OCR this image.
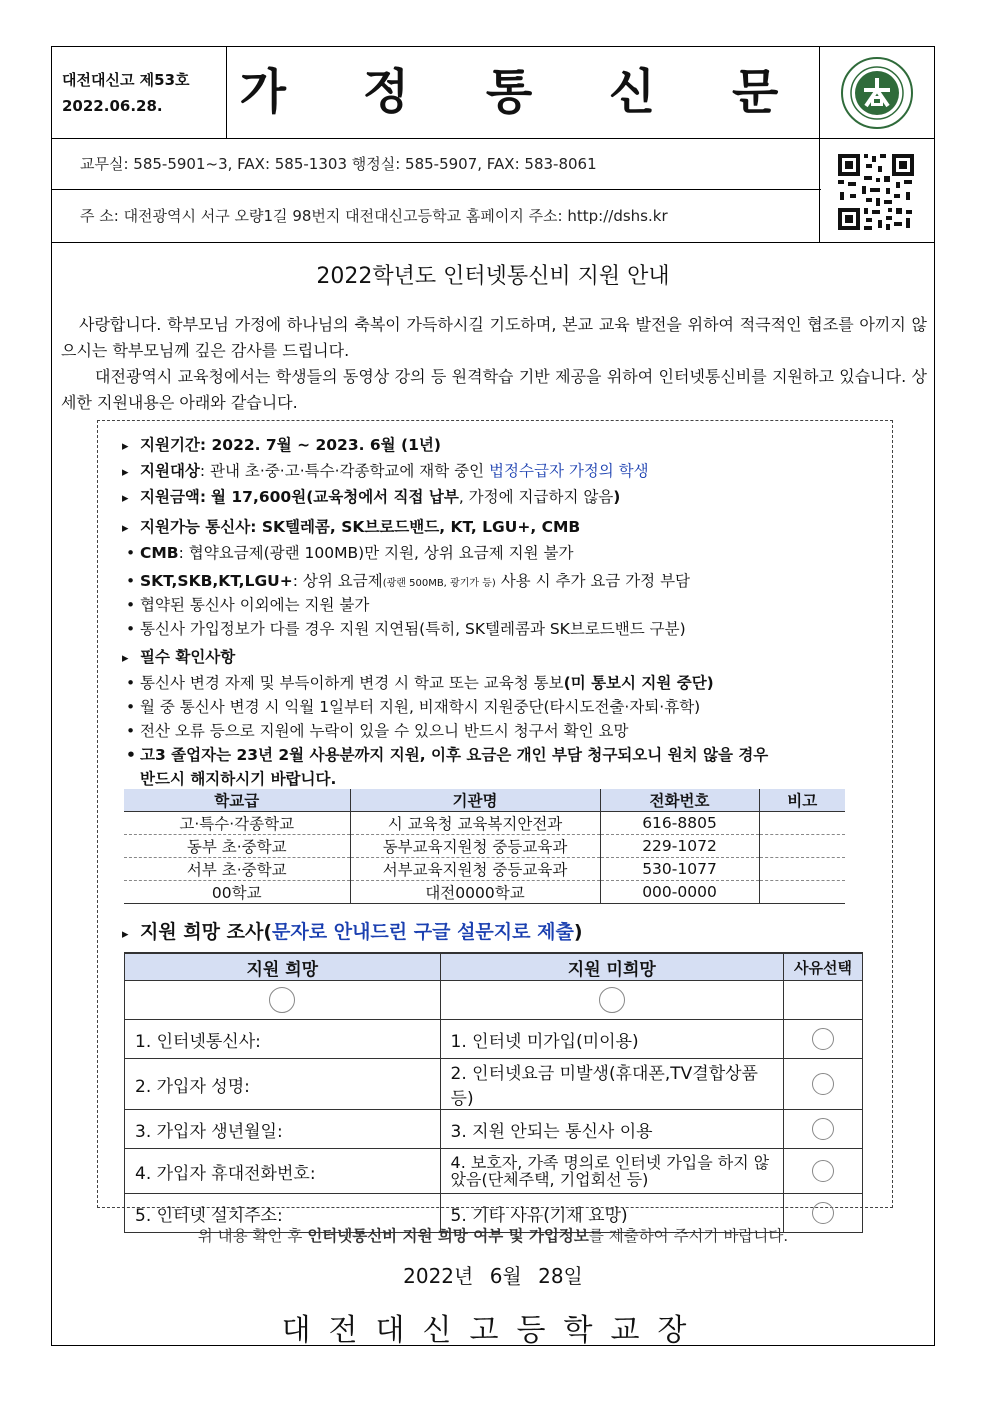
대전대신고 제53호
2022.06.28.	가 정 통 신 문
교무실: 585-5901~3, FAX: 585-1303 행정실: 585-5907, FAX: 583-8061
주 소: 대전광역시 서구 오량1길 98번지 대전대신고등학교 홈페이지 주소: http://dshs.kr
2022학년도 인터넷통신비 지원 안내
사랑합니다. 학부모님 가정에 하나님의 축복이 가득하시길 기도하며, 본교 교육 발전을 위하여 적극적인 협조를 아끼지 않으시는 학부모님께 깊은 감사를 드립니다.
대전광역시 교육청에서는 학생들의 동영상 강의 등 원격학습 기반 제공을 위하여 인터넷통신비를 지원하고 있습니다. 상세한 지원내용은 아래와 같습니다.
▸ 지원기간: 2022. 7월 ~ 2023. 6월 (1년)
▸ 지원대상: 관내 초·중·고·특수·각종학교에 재학 중인 법정수급자 가정의 학생
▸ 지원금액: 월 17,600원(교육청에서 직접 납부, 가정에 지급하지 않음)
▸ 지원가능 통신사: SK텔레콤, SK브로드밴드, KT, LGU+, CMB
• CMB: 협약요금제(광랜 100MB)만 지원, 상위 요금제 지원 불가
• SKT,SKB,KT,LGU+: 상위 요금제(광랜 500MB, 광기가 등) 사용 시 추가 요금 가정 부담
• 협약된 통신사 이외에는 지원 불가
• 통신사 가입정보가 다를 경우 지원 지연됨(특히, SK텔레콤과 SK브로드밴드 구분)
▸ 필수 확인사항
• 통신사 변경 자제 및 부득이하게 변경 시 학교 또는 교육청 통보(미 통보시 지원 중단)
• 월 중 통신사 변경 시 익월 1일부터 지원, 비재학시 지원중단(타시도전출·자퇴·휴학)
• 전산 오류 등으로 지원에 누락이 있을 수 있으니 반드시 청구서 확인 요망
• 고3 졸업자는 23년 2월 사용분까지 지원, 이후 요금은 개인 부담 청구되오니 원치 않을 경우
반드시 해지하시기 바랍니다.
학교급	기관명	전화번호	비고
고·특수·각종학교	시 교육청 교육복지안전과	616-8805	
동부 초·중학교	동부교육지원청 중등교육과	229-1072	
서부 초·중학교	서부교육지원청 중등교육과	530-1077	
00학교	대전0000학교	000-0000	
▸ 지원 희망 조사(문자로 안내드린 구글 설문지로 제출)
지원 희망	지원 미희망	사유선택

1. 인터넷통신사:	1. 인터넷 미가입(미이용)	
2. 가입자 성명:	2. 인터넷요금 미발생(휴대폰,TV결합상품 등)	
3. 가입자 생년월일:	3. 지원 안되는 통신사 이용	
4. 가입자 휴대전화번호:	4. 보호자, 가족 명의로 인터넷 가입을 하지 않았음(단체주택, 기업회선 등)	
5. 인터넷 설치주소:	5. 기타 사유(기재 요망)	
위 내용 확인 후 인터넷통신비 지원 희망 여부 및 가입정보를 제출하여 주시기 바랍니다.
2022년 6월 28일
대전대신고등학교장
